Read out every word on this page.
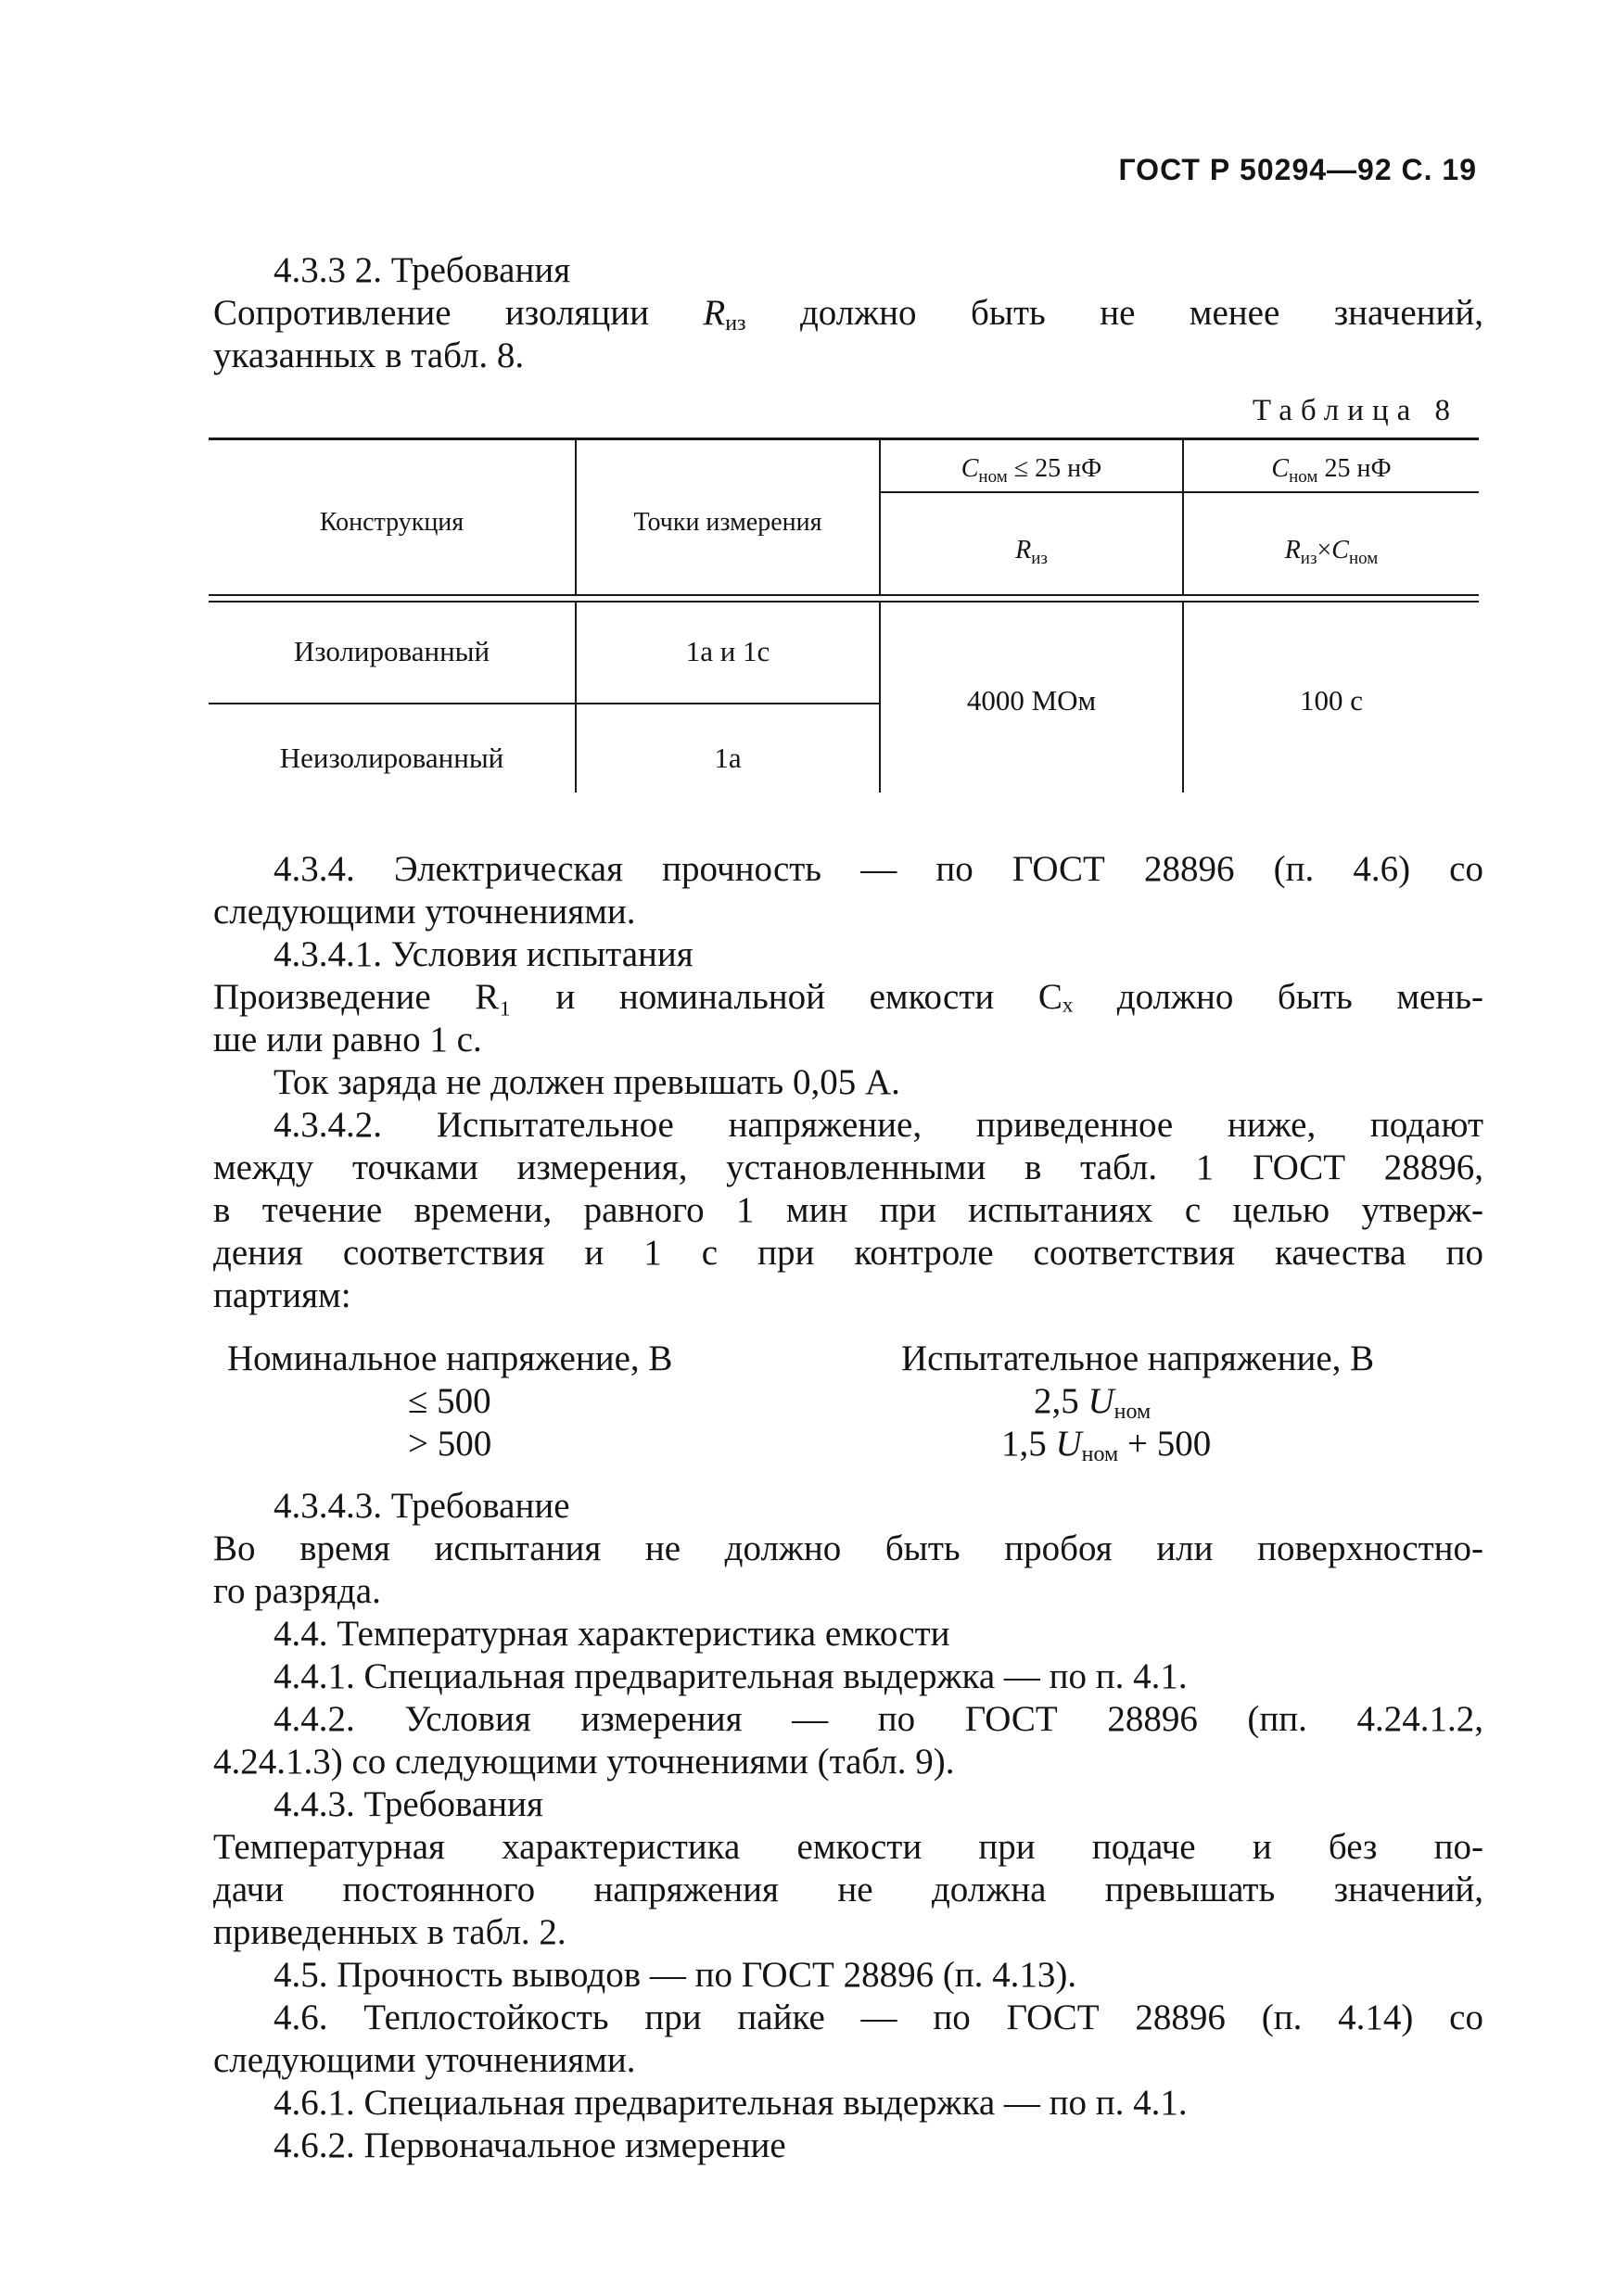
ГОСТ Р 50294—92 С. 19
4.3.3 2. Требования
Сопротивление изоляции $R_{из}$ должно быть не менее значений,
указанных в табл. 8.
Таблица 8
Конструкция	Точки измерения
$C_{ном} \le 25$ нФ	$C_{ном}$ 25 нФ
$R_{из}$	$R_{из}\times C_{ном}$
Изолированный	1a и 1c
Неизолированный	1a
4000 МОм	100 с
4.3.4. Электрическая прочность — по ГОСТ 28896 (п. 4.6) со
следующими уточнениями.
4.3.4.1. Условия испытания
Произведение R₁ и номинальной емкости Cₓ должно быть мень-
ше или равно 1 с.
Ток заряда не должен превышать 0,05 А.
4.3.4.2. Испытательное напряжение, приведенное ниже, подают
между точками измерения, установленными в табл. 1 ГОСТ 28896,
в течение времени, равного 1 мин при испытаниях с целью утверж-
дения соответствия и 1 с при контроле соответствия качества по
партиям:
Номинальное напряжение, В	Испытательное напряжение, В
≤ 500	2,5 $U_{ном}$
> 500	1,5 $U_{ном} + 500$
4.3.4.3. Требование
Во время испытания не должно быть пробоя или поверхностно-
го разряда.
4.4. Температурная характеристика емкости
4.4.1. Специальная предварительная выдержка — по п. 4.1.
4.4.2. Условия измерения — по ГОСТ 28896 (пп. 4.24.1.2,
4.24.1.3) со следующими уточнениями (табл. 9).
4.4.3. Требования
Температурная характеристика емкости при подаче и без по-
дачи постоянного напряжения не должна превышать значений,
приведенных в табл. 2.
4.5. Прочность выводов — по ГОСТ 28896 (п. 4.13).
4.6. Теплостойкость при пайке — по ГОСТ 28896 (п. 4.14) со
следующими уточнениями.
4.6.1. Специальная предварительная выдержка — по п. 4.1.
4.6.2. Первоначальное измерение
